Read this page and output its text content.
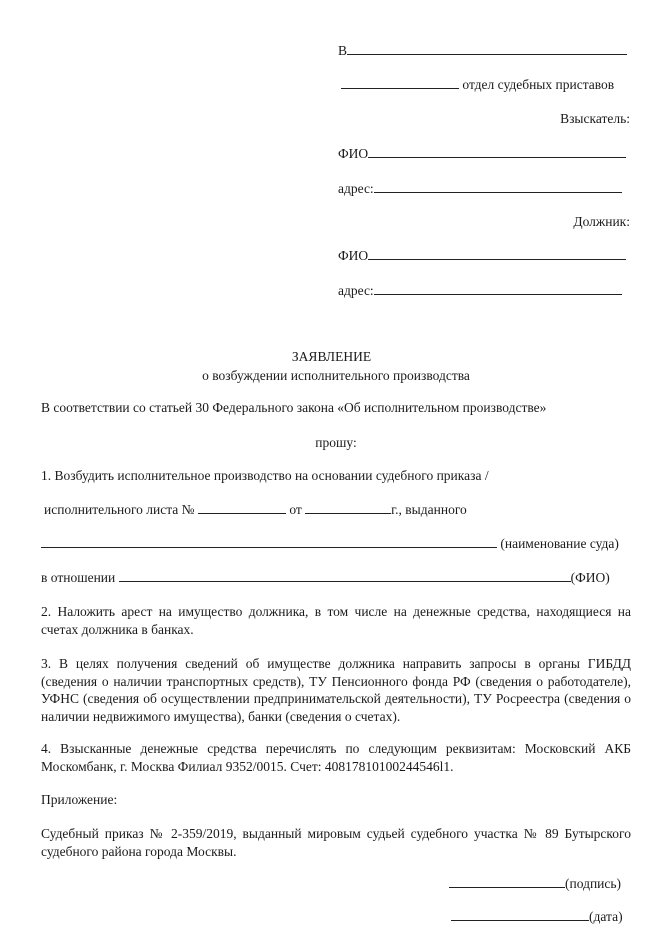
В
отдел судебных приставов
Взыскатель:
ФИО
адрес:
Должник:
ФИО
адрес:
ЗАЯВЛЕНИЕ
о возбуждении исполнительного производства
В соответствии со статьей 30 Федерального закона «Об исполнительном производстве»
прошу:
1. Возбудить исполнительное производство на основании судебного приказа /
исполнительного листа №	от	г., выданного
(наименование суда)
в отношении	(ФИО)
2. Наложить арест на имущество должника, в том числе на денежные средства, находящиеся на счетах должника в банках.
3. В целях получения сведений об имуществе должника направить запросы в органы ГИБДД (сведения о наличии транспортных средств), ТУ Пенсионного фонда РФ (сведения о работодателе), УФНС (сведения об осуществлении предпринимательской деятельности), ТУ Росреестра (сведения о наличии недвижимого имущества), банки (сведения о счетах).
4. Взысканные денежные средства перечислять по следующим реквизитам: Московский АКБ Москомбанк, г. Москва Филиал 9352/0015. Счет: 40817810100244546l1.
Приложение:
Судебный приказ № 2-359/2019, выданный мировым судьей судебного участка № 89 Бутырского судебного района города Москвы.
(подпись)
(дата)
